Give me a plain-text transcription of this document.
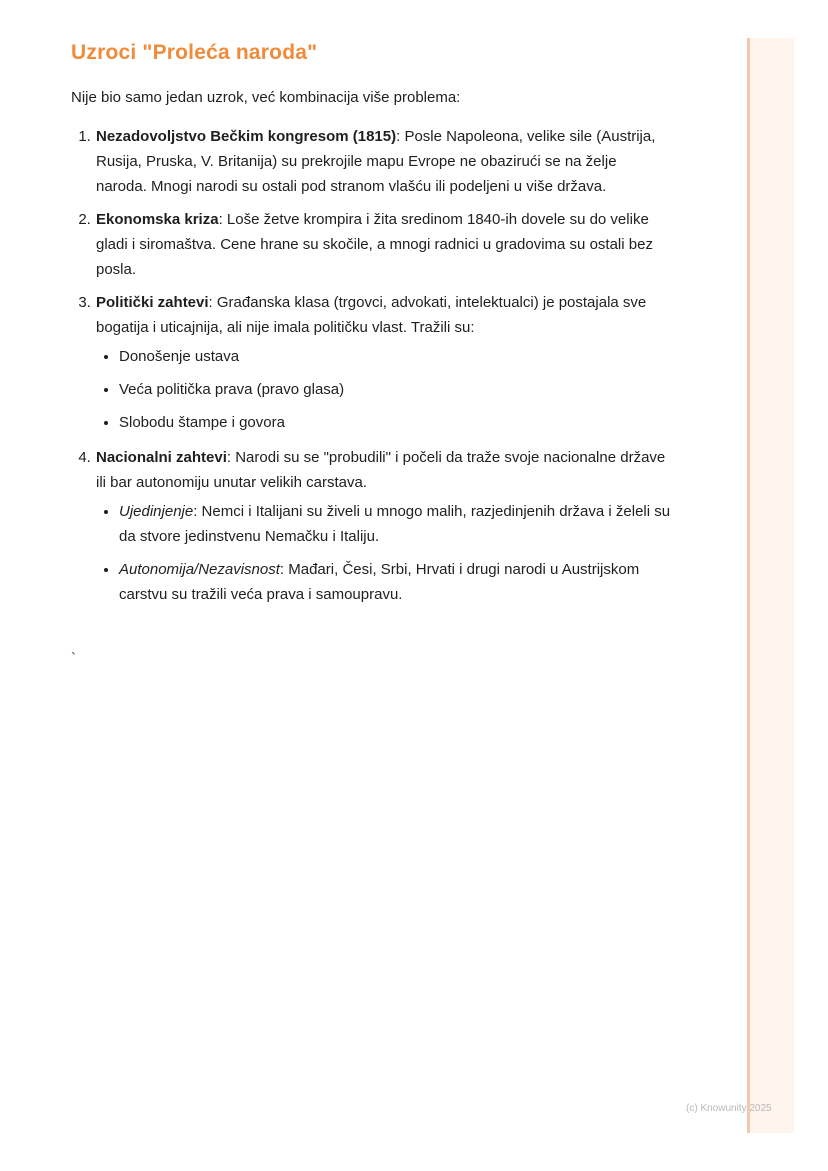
Uzroci "Proleća naroda"

Nije bio samo jedan uzrok, već kombinacija više problema:

1. Nezadovoljstvo Bečkim kongresom (1815): Posle Napoleona, velike sile (Austrija, Rusija, Pruska, V. Britanija) su prekrojile mapu Evrope ne obazirući se na želje naroda. Mnogi narodi su ostali pod stranom vlašću ili podeljeni u više država.
2. Ekonomska kriza: Loše žetve krompira i žita sredinom 1840-ih dovele su do velike gladi i siromaštva. Cene hrane su skočile, a mnogi radnici u gradovima su ostali bez posla.
3. Politički zahtevi: Građanska klasa (trgovci, advokati, intelektualci) je postajala sve bogatija i uticajnija, ali nije imala političku vlast. Tražili su:
• Donošenje ustava
• Veća politička prava (pravo glasa)
• Slobodu štampe i govora
4. Nacionalni zahtevi: Narodi su se "probudili" i počeli da traže svoje nacionalne države ili bar autonomiju unutar velikih carstava.
• Ujedinjenje: Nemci i Italijani su živeli u mnogo malih, razjedinjenih država i želeli su da stvore jedinstvenu Nemačku i Italiju.
• Autonomija/Nezavisnost: Mađari, Česi, Srbi, Hrvati i drugi narodi u Austrijskom carstvu su tražili veća prava i samoupravu.
`
(c) Knowunity 2025
